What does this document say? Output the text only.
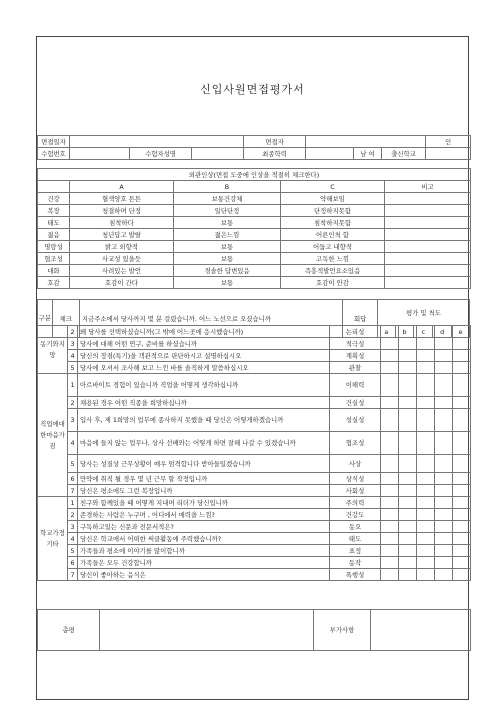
신입사원면접평가서
면접일자				면접자				인
수험번호		수험자성명		최종학력		남 여	출신학교	
외관인상(면접 도중에 인상을 적절히 체크한다)				
	A	B	C	비고
건강	혈색양호 튼튼	보통건강체	약해보임	
복장	청결하며 단정	일단단정	단정하지못함	
태도	침착하다	보통	침착하지못함	
젊음	청년답고 발랄	젊은느낌	어른인척 함	
명랑성	밝고 외향적	보통	어둡고 내향적	
협조성	사교성 있을듯	보통	고독한 느낌	
대화	사려있는 발언	경솔한 답변있음	즉흥적발언요소있음	
호감	호감이 간다	보통	호감이 안감	
구분	체크	지금주소에서 당사까지 몇 분 걸렸습니까. 어느 노선으로 오셨습니까	회답	평가 및 척도				
				a	b	c	d	e
동기와지망	2	왜 당사를 선택하셨습니까(그 밖에 어느곳에 응시했습니까)	논리성					
	3	당사에 대해 어떤 연구, 준비를 하셨습니까	적극성					
	4	당신의 장점(특기)을 객관적으로 판단하시고 설명하십시오	계획성					
	5	당사에 오셔서 조사해 보고 느낀 바를 솔직하게 말씀하십시오	관찰					
직업에대한마음가짐	1	아르바이트 경험이 있습니까 직업을 어떻게 생각하십니까	이해력					
	2	채용된 경우 어떤 직종을 희망하십니까	건실성					
	3	입사 후, 제 1희망의 업무에 종사하지 못했을 때 당신은 어떻게하겠습니까	성실성					
	4	마음에 들지 않는 업무나, 상사 선배와는 어떻게 하면 잘해 나갈 수 있겠습니까	협조성					
	5	당사는 성질상 근무상황이 매우 엄격합니다 받아들일겠습니까	사상					
	6	만약에 취직 될 경우 몇 년 근무 할 작정입니까	상식성					
	7	당신은 평소에도 그런 복장입니까	사회성					
학교가정기타	1	친구와 함께있을 때 어떻게 지내며 리더가 당신입니까	주의력					
	2	존경하는 사람은 누구며 , 어디에서 매력을 느낌?	건강도					
	3	구독하고있는 신문과 전문서적은?	동오					
	4	당신은 학교에서 어떠한 써클활동에 주력했습니까?	태도					
	5	가족들과 평소에 이야기를 많이합니까	표정					
	6	가족들은 모두 건강합니까	동작					
	7	당신이 좋아하는 음식은	폭행성					
총평		부가사항	
